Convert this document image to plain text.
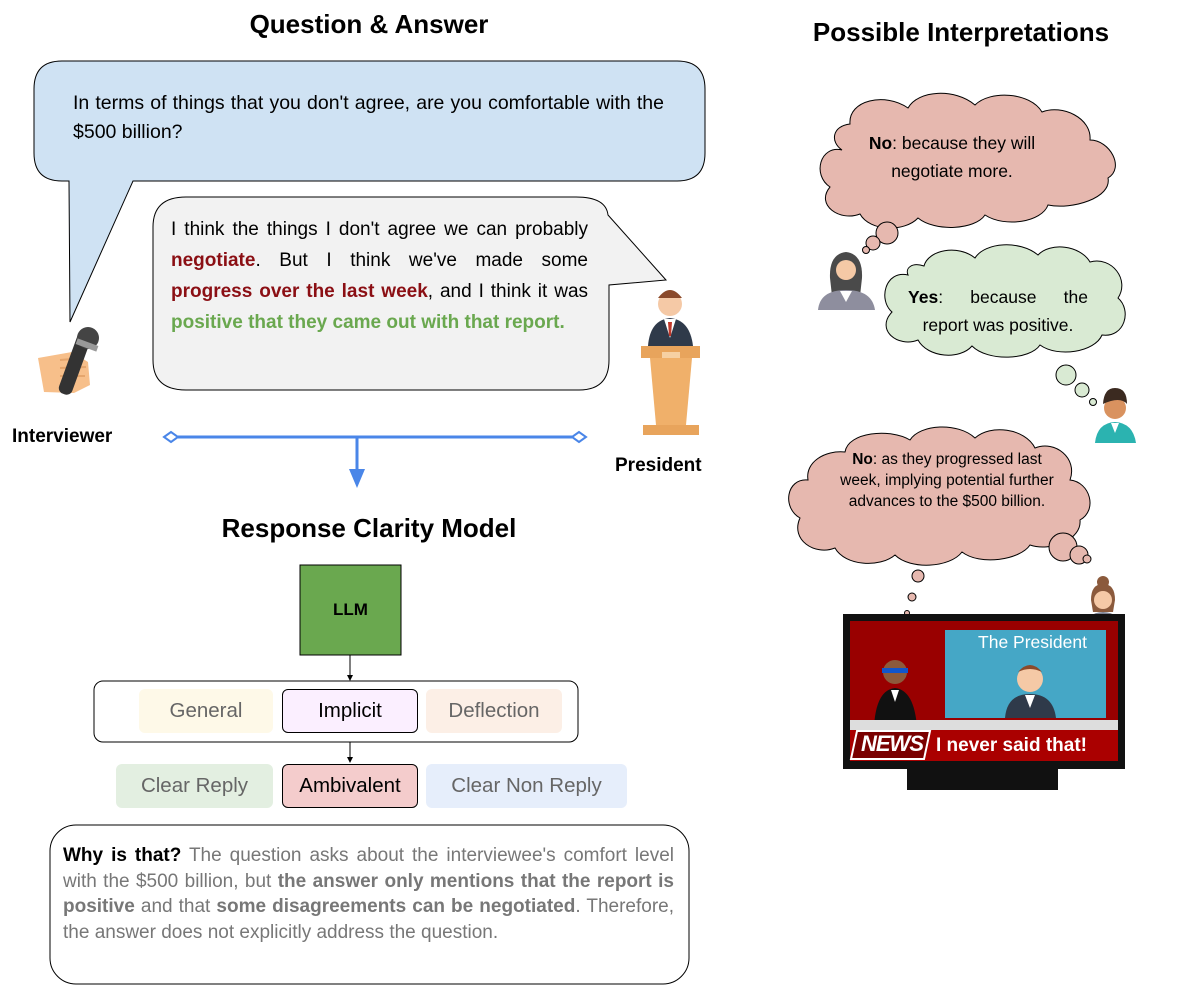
Question & Answer	Possible Interpretations
Response Clarity Model
In terms of things that you don't agree, are you comfortable with the $500 billion?
I think the things I don't agree we can probably negotiate. But I think we've made some progress over the last week, and I think it was positive that they came out with that report.
Interviewer
President
LLM
General	Implicit	Deflection
Clear Reply	Ambivalent	Clear Non Reply
Why is that? The question asks about the interviewee's comfort level with the $500 billion, but the answer only mentions that the report is positive and that some disagreements can be negotiated. Therefore, the answer does not explicitly address the question.
No: because they will negotiate more.
Yes: because the report was positive.
No: as they progressed last week, implying potential further advances to the $500 billion.
The President
NEWS I never said that!
